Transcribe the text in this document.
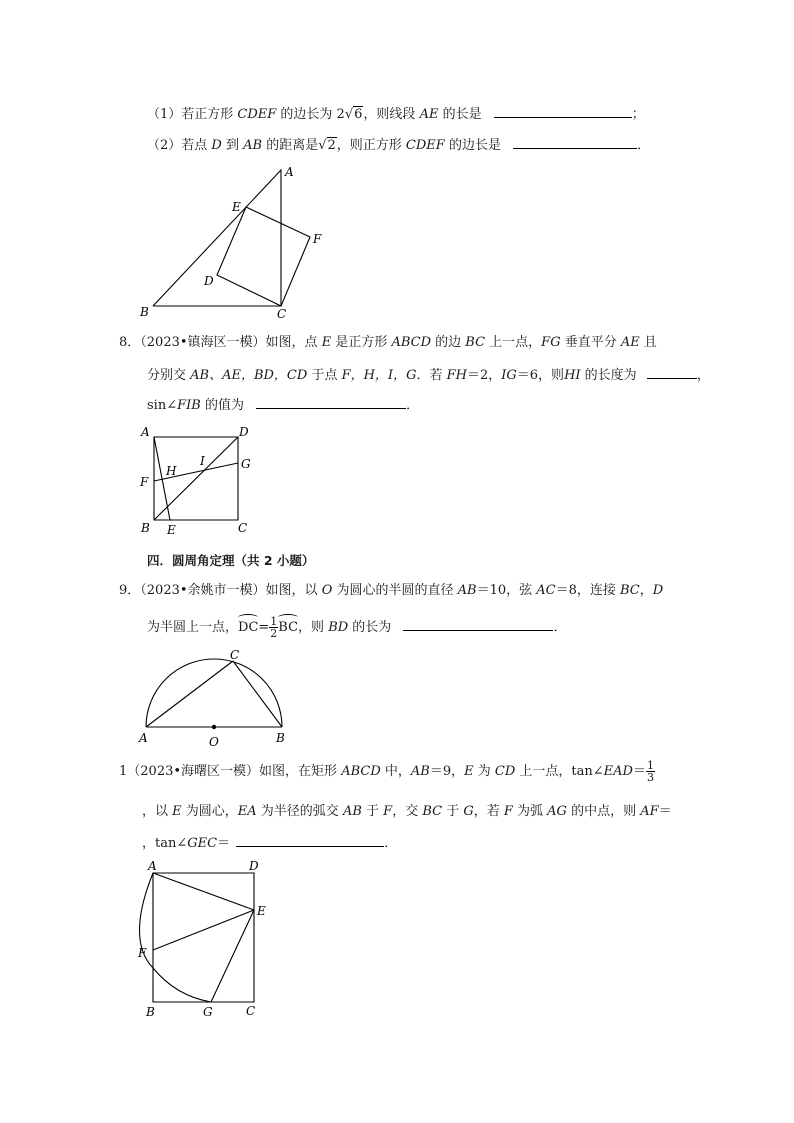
（1）若正方形 CDEF 的边长为 2√6，则线段 AE 的长是	；
（2）若点 D 到 AB 的距离是√2，则正方形 CDEF 的边长是	．
A
E
F
D
B	C
8．（2023•镇海区一模）如图，点 E 是正方形 ABCD 的边 BC 上一点，FG 垂直平分 AE 且
分别交 AB、AE，BD，CD 于点 F，H，I，G．若 FH＝2，IG＝6，则HI 的长度为	，
sin∠FIB 的值为	．
A	D
I	G
H
F
B E	C
四．圆周角定理（共 2 小题）
9．（2023•余姚市一模）如图，以 O 为圆心的半圆的直径 AB＝10，弦 AC＝8，连接 BC，D
为半圆上一点，$DC= \frac{1}{2}$ BC，则 BD 的长为	．
C
A	O	B
1（2023•海曙区一模）如图，在矩形 ABCD 中，AB＝9，E 为 CD 上一点，tan∠EAD＝ $\frac{1}{3}$
，以 E 为圆心，EA 为半径的弧交 AB 于 F，交 BC 于 G，若 F 为弧 AG 的中点，则 AF＝
，tan∠GEC＝	．
A	D
E
F
B	G	C
